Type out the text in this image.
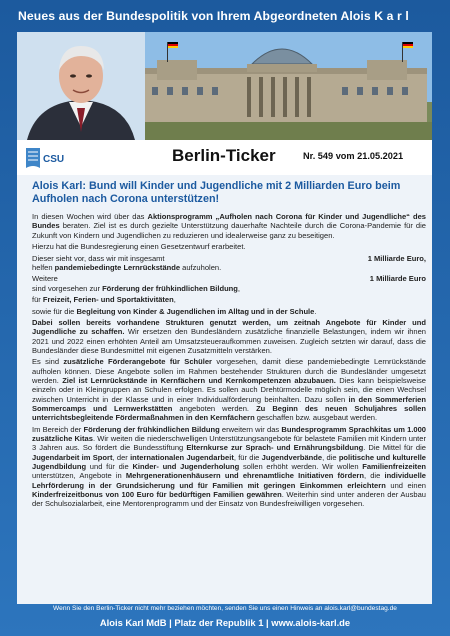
Neues aus der Bundespolitik von Ihrem Abgeordneten Alois K a r l
CSU	Berlin-Ticker	Nr. 549 vom 21.05.2021
Alois Karl: Bund will Kinder und Jugendliche mit 2 Milliarden Euro beim Aufholen nach Corona unterstützen!

In diesen Wochen wird über das Aktionsprogramm „Aufholen nach Corona für Kinder und Jugendliche“ des Bundes beraten. Ziel ist es durch gezielte Unterstützung dauerhafte Nachteile durch die Corona-Pandemie für die Zukunft von Kindern und Jugendlichen zu reduzieren und idealerweise ganz zu beseitigen.

Hierzu hat die Bundesregierung einen Gesetzentwurf erarbeitet.

Dieser sieht vor, dass wir mit insgesamt	1 Milliarde Euro,

helfen pandemiebedingte Lernrückstände aufzuholen.

Weitere	1 Milliarde Euro

sind vorgesehen zur Förderung der frühkindlichen Bildung,

für Freizeit, Ferien- und Sportaktivitäten,

sowie für die Begleitung von Kinder & Jugendlichen im Alltag und in der Schule.

Dabei sollen bereits vorhandene Strukturen genutzt werden, um zeitnah Angebote für Kinder und Jugendliche zu schaffen. Wir ersetzen den Bundesländern zusätzliche finanzielle Belastungen, indem wir ihnen 2021 und 2022 einen erhöhten Anteil am Umsatzsteueraufkommen zuweisen. Zugleich setzten wir darauf, dass die Bundesländer diese Bundesmittel mit eigenen Zusatzmitteln verstärken.

Es sind zusätzliche Förderangebote für Schüler vorgesehen, damit diese pandemiebedingte Lernrückstände aufholen können. Diese Angebote sollen im Rahmen bestehender Strukturen durch die Bundesländer umgesetzt werden. Ziel ist Lernrückstände in Kernfächern und Kernkompetenzen abzubauen. Dies kann beispielsweise einzeln oder in Kleingruppen an Schulen erfolgen. Es sollen auch Drehtürmodelle möglich sein, die einen Wechsel zwischen Unterricht in der Klasse und in einer Individualförderung beinhalten. Dazu sollen in den Sommerferien Sommercamps und Lernwerkstätten angeboten werden. Zu Beginn des neuen Schuljahres sollen unterrichtsbegleitende Fördermaßnahmen in den Kernfächern geschaffen bzw. ausgebaut werden.

Im Bereich der Förderung der frühkindlichen Bildung erweitern wir das Bundesprogramm Sprachkitas um 1.000 zusätzliche Kitas. Wir weiten die niederschwelligen Unterstützungsangebote für belastete Familien mit Kindern unter 3 Jahren aus. So fördert die Bundesstiftung Elternkurse zur Sprach- und Ernährungsbildung. Die Mittel für die Jugendarbeit im Sport, der internationalen Jugendarbeit, für die Jugendverbände, die politische und kulturelle Jugendbildung und für die Kinder- und Jugenderholung sollen erhöht werden. Wir wollen Familienfreizeiten unterstützen, Angebote in Mehrgenerationenhäusern und ehrenamtliche Initiativen fördern, die individuelle Lehrförderung in der Grundsicherung und für Familien mit geringen Einkommen erleichtern und einen Kinderfreizeitbonus von 100 Euro für bedürftigen Familien gewähren. Weiterhin sind unter anderen der Ausbau der Schulsozialarbeit, eine Mentorenprogramm und der Einsatz von Bundesfreiwilligen vorgesehen.

Wenn Sie den Berlin-Ticker nicht mehr beziehen möchten, senden Sie uns einen Hinweis an alois.karl@bundestag.de
Alois Karl MdB | Platz der Republik 1 | www.alois-karl.de
